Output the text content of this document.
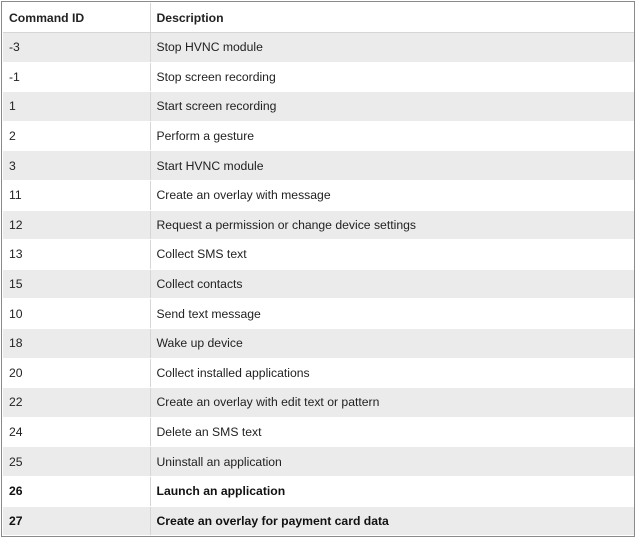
Command ID	Description
-3	Stop HVNC module
-1	Stop screen recording
1	Start screen recording
2	Perform a gesture
3	Start HVNC module
11	Create an overlay with message
12	Request a permission or change device settings
13	Collect SMS text
15	Collect contacts
10	Send text message
18	Wake up device
20	Collect installed applications
22	Create an overlay with edit text or pattern
24	Delete an SMS text
25	Uninstall an application
26	Launch an application
27	Create an overlay for payment card data
